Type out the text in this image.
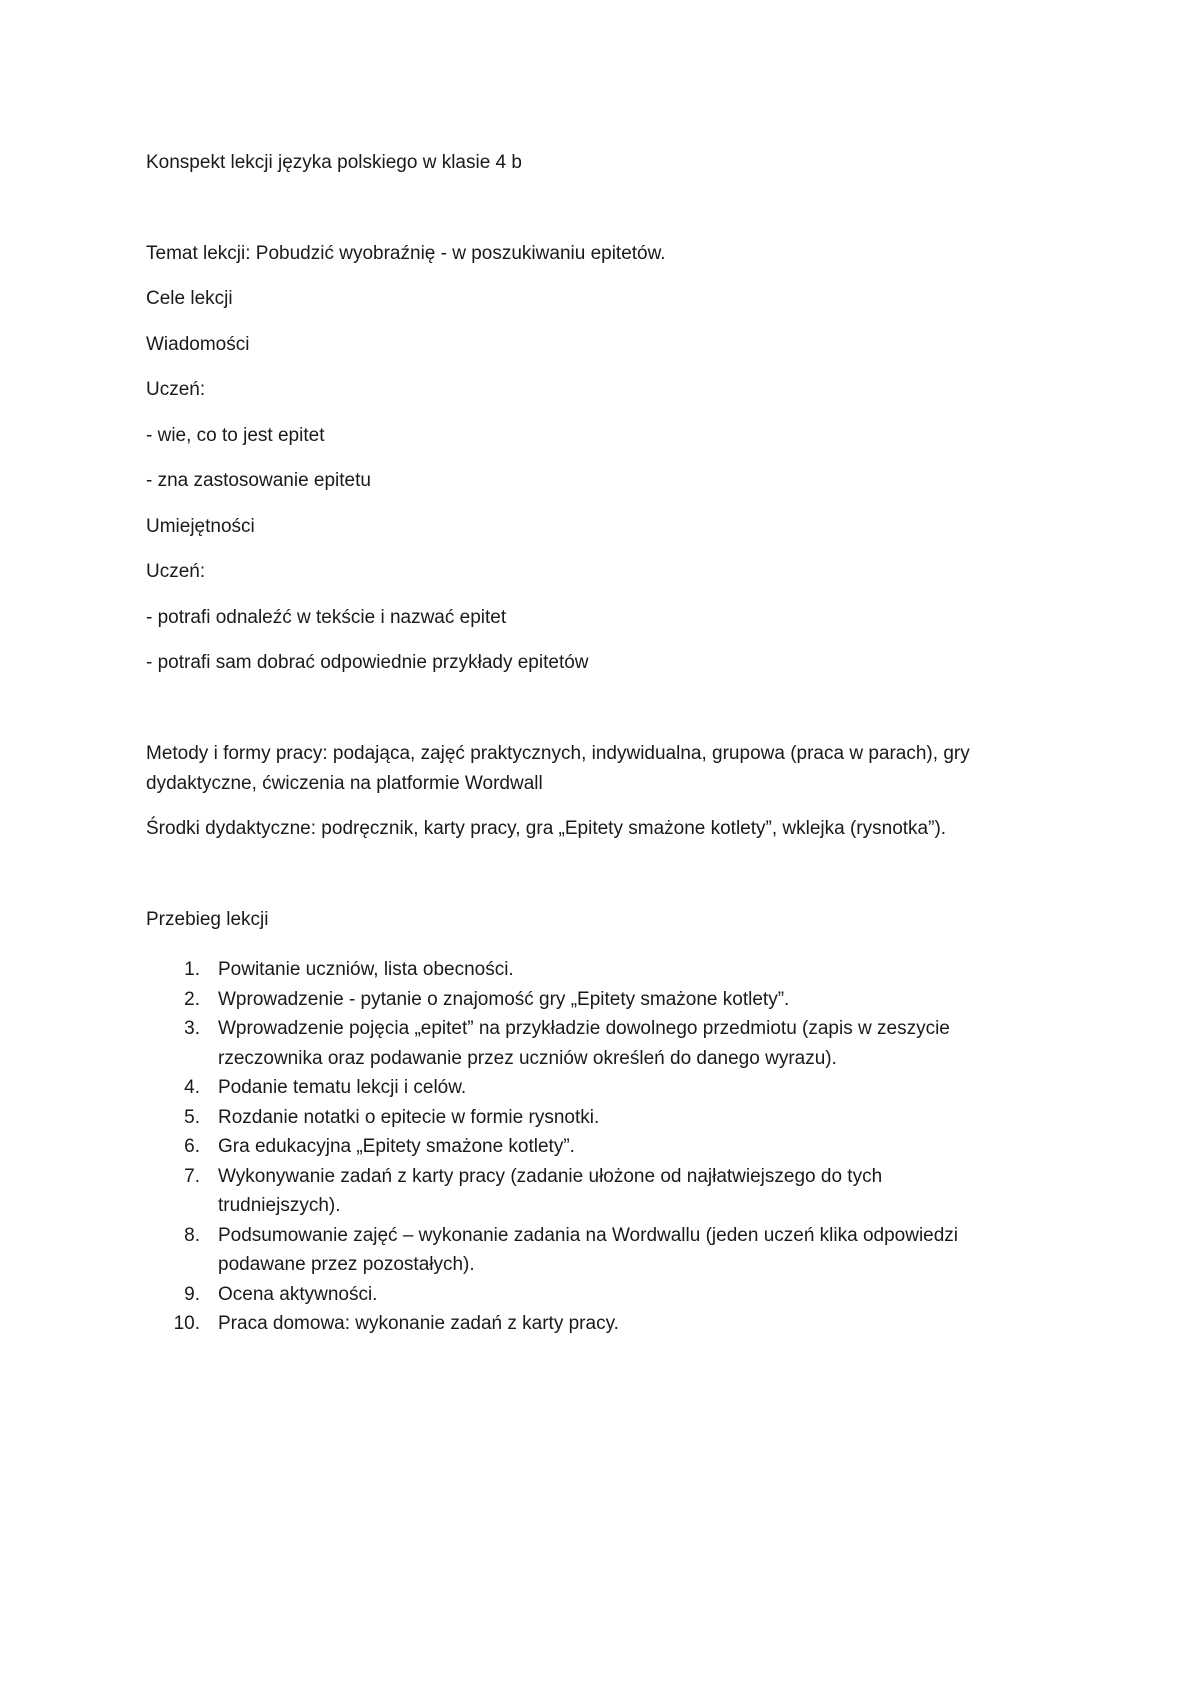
Konspekt lekcji języka polskiego w klasie 4 b
Temat lekcji: Pobudzić wyobraźnię - w poszukiwaniu epitetów.
Cele lekcji
Wiadomości
Uczeń:
- wie, co to jest epitet
- zna zastosowanie epitetu
Umiejętności
Uczeń:
- potrafi odnaleźć w tekście i nazwać epitet
- potrafi sam dobrać odpowiednie przykłady epitetów
Metody i formy pracy: podająca, zajęć praktycznych, indywidualna, grupowa (praca w parach), gry
dydaktyczne, ćwiczenia na platformie Wordwall
Środki dydaktyczne: podręcznik, karty pracy, gra „Epitety smażone kotlety”, wklejka (rysnotka”).
Przebieg lekcji
1. Powitanie uczniów, lista obecności.
2. Wprowadzenie - pytanie o znajomość gry „Epitety smażone kotlety”.
3. Wprowadzenie pojęcia „epitet” na przykładzie dowolnego przedmiotu (zapis w zeszycie
rzeczownika oraz podawanie przez uczniów określeń do danego wyrazu).
4. Podanie tematu lekcji i celów.
5. Rozdanie notatki o epitecie w formie rysnotki.
6. Gra edukacyjna „Epitety smażone kotlety”.
7. Wykonywanie zadań z karty pracy (zadanie ułożone od najłatwiejszego do tych
trudniejszych).
8. Podsumowanie zajęć – wykonanie zadania na Wordwallu (jeden uczeń klika odpowiedzi
podawane przez pozostałych).
9. Ocena aktywności.
10. Praca domowa: wykonanie zadań z karty pracy.
